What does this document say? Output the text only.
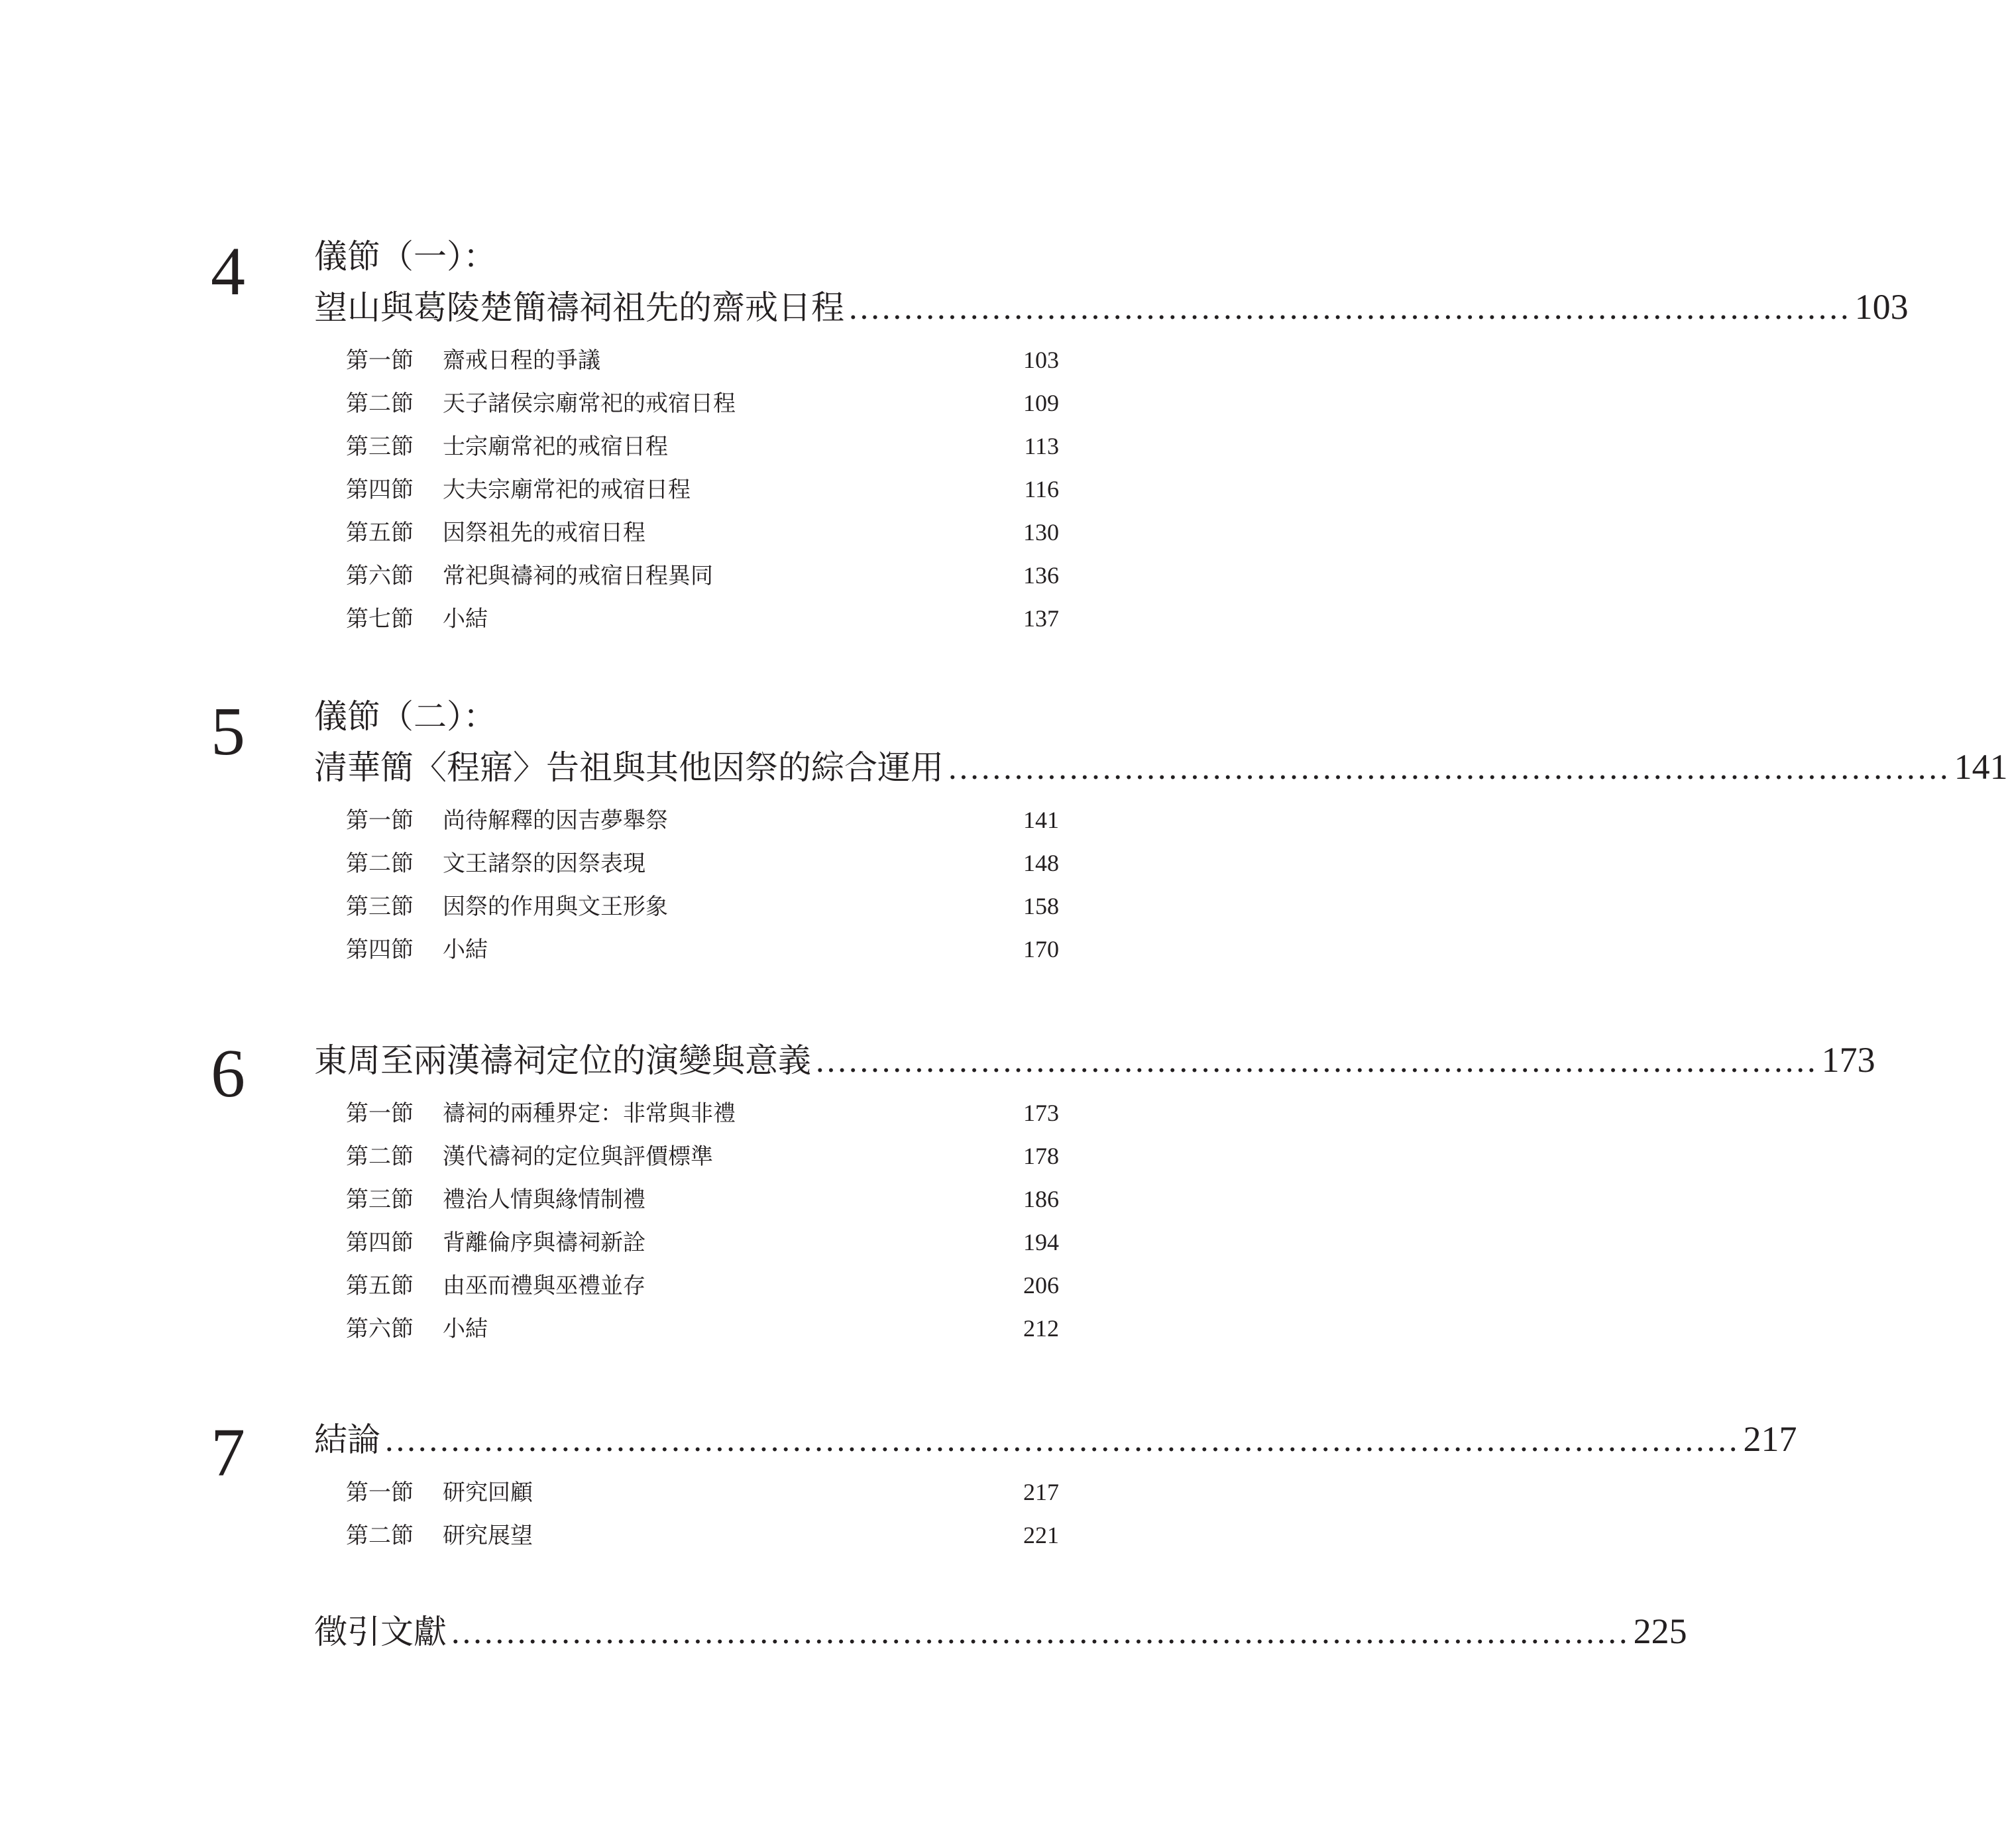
4 儀節（一）：
望山與葛陵楚簡禱祠祖先的齋戒日程 ........................................................................................... 103
第一節	齋戒日程的爭議	103
第二節	天子諸侯宗廟常祀的戒宿日程	109
第三節	士宗廟常祀的戒宿日程	113
第四節	大夫宗廟常祀的戒宿日程	116
第五節	因祭祖先的戒宿日程	130
第六節	常祀與禱祠的戒宿日程異同	136
第七節	小結	137
5 儀節（二）：
清華簡〈程寤〉告祖與其他因祭的綜合運用 ........................................................................................... 141
第一節	尚待解釋的因吉夢舉祭	141
第二節	文王諸祭的因祭表現	148
第三節	因祭的作用與文王形象	158
第四節	小結	170
6 東周至兩漢禱祠定位的演變與意義 ........................................................................................... 173
第一節	禱祠的兩種界定：非常與非禮	173
第二節	漢代禱祠的定位與評價標準	178
第三節	禮治人情與緣情制禮	186
第四節	背離倫序與禱祠新詮	194
第五節	由巫而禮與巫禮並存	206
第六節	小結	212
7 結論 ........................................................................................................................... 217
第一節	研究回顧	217
第二節	研究展望	221
徵引文獻 ........................................................................................................... 225
